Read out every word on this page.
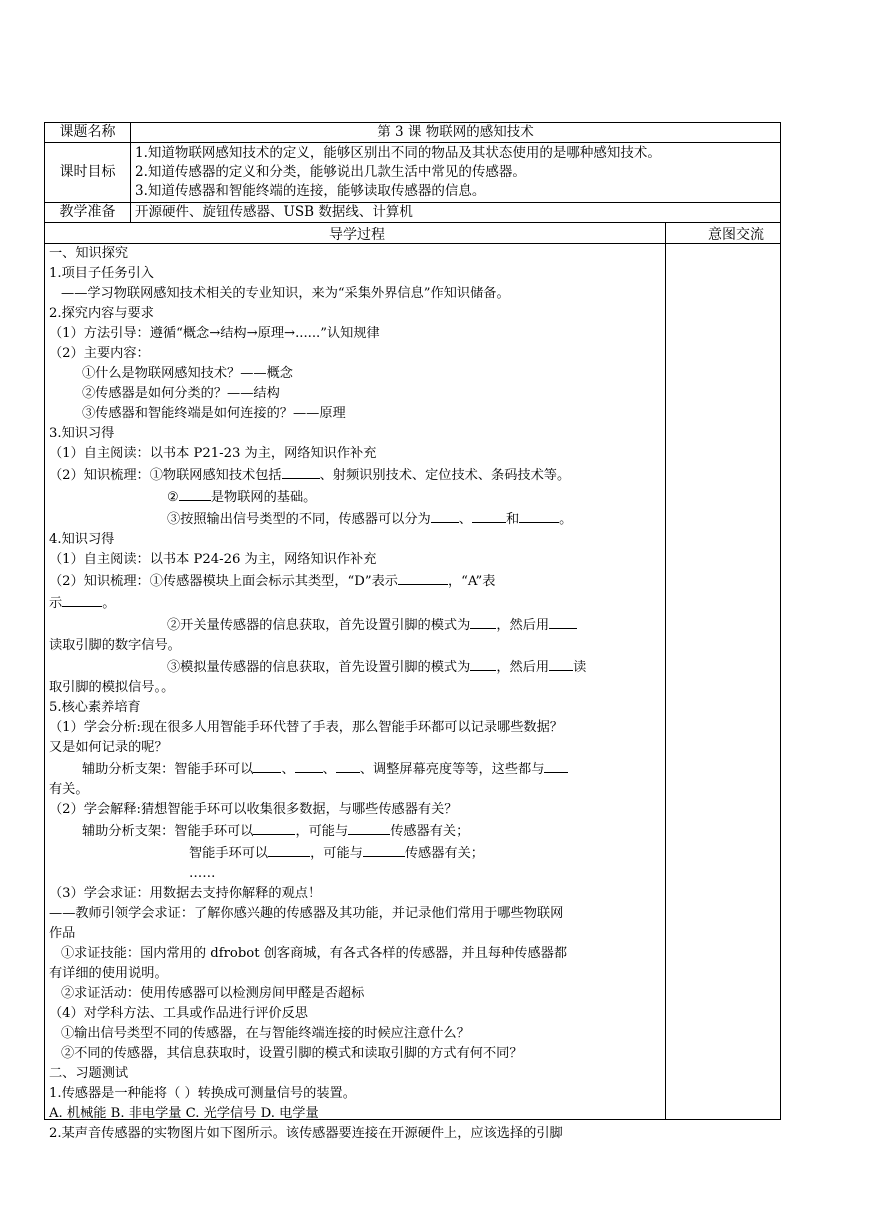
课题名称	第 3 课 物联网的感知技术
课时目标	1.知道物联网感知技术的定义，能够区别出不同的物品及其状态使用的是哪种感知技术。
2.知道传感器的定义和分类，能够说出几款生活中常见的传感器。
3.知道传感器和智能终端的连接，能够读取传感器的信息。

教学准备	开源硬件、旋钮传感器、USB 数据线、计算机
导学过程	意图交流
一、知识探究
1.项目子任务引入
——学习物联网感知技术相关的专业知识，来为“采集外界信息”作知识储备。
2.探究内容与要求
（1）方法引导：遵循“概念→结构→原理→......”认知规律
（2）主要内容：
①什么是物联网感知技术？——概念
②传感器是如何分类的？——结构
③传感器和智能终端是如何连接的？——原理
3.知识习得
（1）自主阅读：以书本 P21-23 为主，网络知识作补充
（2）知识梳理：①物联网感知技术包括	、射频识别技术、定位技术、条码技术等。
② 是物联网的基础。
③按照输出信号类型的不同，传感器可以分为 、	和	。
4.知识习得
（1）自主阅读：以书本 P24-26 为主，网络知识作补充
（2）知识梳理：①传感器模块上面会标示其类型，“D”表示	，“A”表
示	。
②开关量传感器的信息获取，首先设置引脚的模式为 ，然后用
读取引脚的数字信号。
③模拟量传感器的信息获取，首先设置引脚的模式为 ，然后用 读
取引脚的模拟信号。。
5.核心素养培育
（1）学会分析:现在很多人用智能手环代替了手表，那么智能手环都可以记录哪些数据？
又是如何记录的呢？
辅助分析支架：智能手环可以 、 、 、调整屏幕亮度等等，这些都与
有关。
（2）学会解释:猜想智能手环可以收集很多数据，与哪些传感器有关？
辅助分析支架：智能手环可以	，可能与	传感器有关；
智能手环可以	，可能与	传感器有关；
……
（3）学会求证：用数据去支持你解释的观点！
——教师引领学会求证：了解你感兴趣的传感器及其功能，并记录他们常用于哪些物联网
作品
①求证技能：国内常用的 dfrobot 创客商城，有各式各样的传感器，并且每种传感器都
有详细的使用说明。
②求证活动：使用传感器可以检测房间甲醛是否超标
（4）对学科方法、工具或作品进行评价反思
①输出信号类型不同的传感器，在与智能终端连接的时候应注意什么？
②不同的传感器，其信息获取时，设置引脚的模式和读取引脚的方式有何不同？
二、习题测试
1.传感器是一种能将（ ）转换成可测量信号的装置。
A. 机械能 B. 非电学量 C. 光学信号 D. 电学量
2.某声音传感器的实物图片如下图所示。该传感器要连接在开源硬件上，应该选择的引脚
